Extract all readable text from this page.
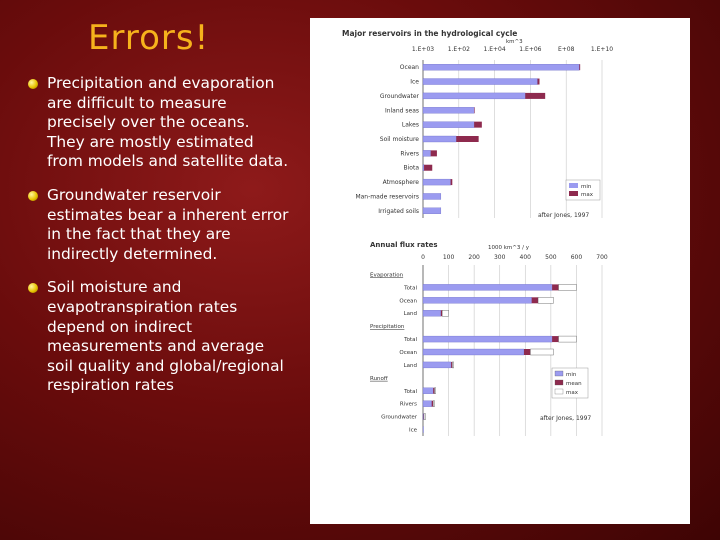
Errors!
Precipitation and evaporation are difficult to measure precisely over the oceans. They are mostly estimated from models and satellite data.
Groundwater reservoir estimates bear a inherent error in the fact that they are indirectly determined.
Soil moisture and evapotranspiration rates depend on indirect measurements and average soil quality and global/regional respiration rates
Major reservoirs in the hydrological cycle
km^3
1.E+03 1.E+02 1.E+04 1.E+06	E+08	1.E+10
Ocean
Ice
Groundwater
Inland seas
Lakes
Soil moisture
Rivers
Biota
Atmosphere
Man-made reservoirs
Irrigated soils
min
max
after Jones, 1997
Annual flux rates	1000 km^3 / y
0	100 200 300 400 500 600 700
Evaporation
Total
Ocean
Land
Precipitation
Total
Ocean
Land
Runoff
Total
Rivers
Groundwater
Ice
min
mean
max
after Jones, 1997
